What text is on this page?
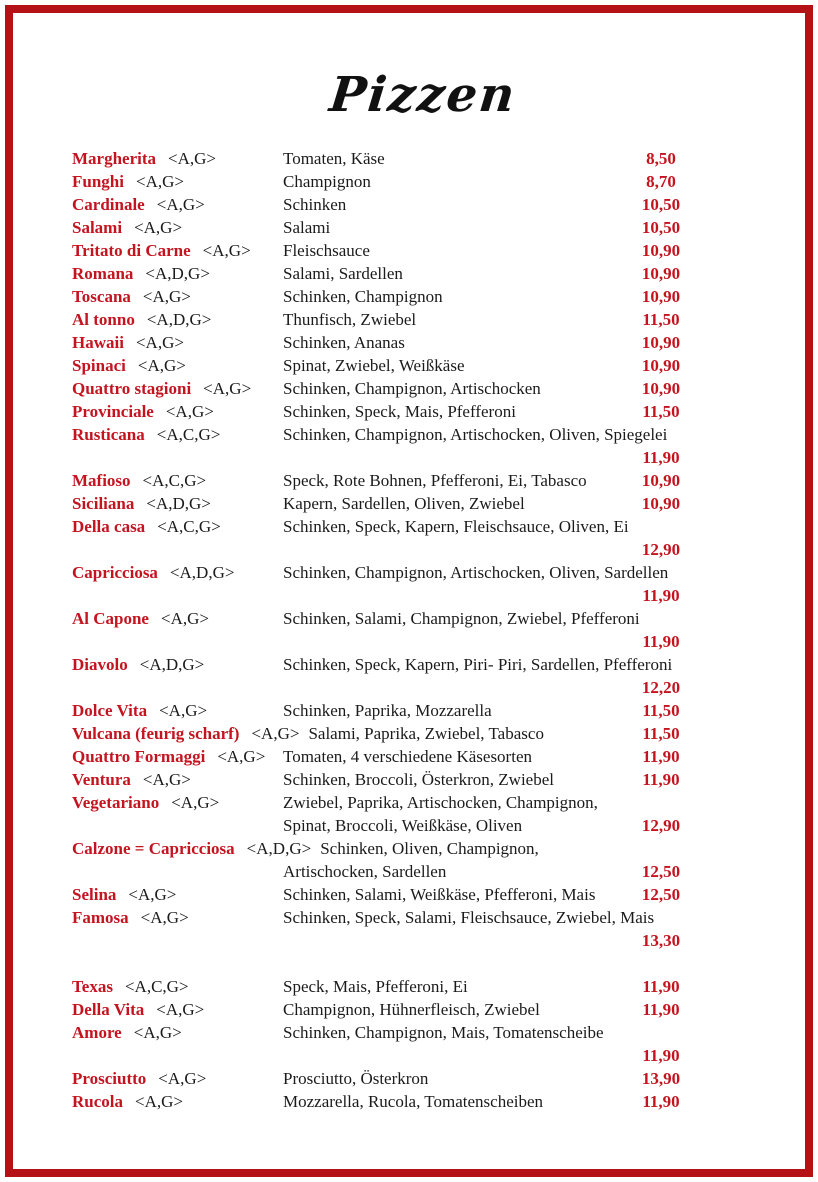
Pizzen
Margherita <A,G>	Tomaten, Käse	8,50
Funghi <A,G>	Champignon	8,70
Cardinale <A,G>	Schinken	10,50
Salami <A,G>	Salami	10,50
Tritato di Carne <A,G>	Fleischsauce	10,90
Romana <A,D,G>	Salami, Sardellen	10,90
Toscana <A,G>	Schinken, Champignon	10,90
Al tonno <A,D,G>	Thunfisch, Zwiebel	11,50
Hawaii <A,G>	Schinken, Ananas	10,90
Spinaci <A,G>	Spinat, Zwiebel, Weißkäse	10,90
Quattro stagioni <A,G>	Schinken, Champignon, Artischocken	10,90
Provinciale <A,G>	Schinken, Speck, Mais, Pfefferoni	11,50
Rusticana <A,C,G>	Schinken, Champignon, Artischocken, Oliven, Spiegelei
11,90
Mafioso <A,C,G>	Speck, Rote Bohnen, Pfefferoni, Ei, Tabasco	10,90
Siciliana <A,D,G>	Kapern, Sardellen, Oliven, Zwiebel	10,90
Della casa <A,C,G>	Schinken, Speck, Kapern, Fleischsauce, Oliven, Ei
12,90
Capricciosa <A,D,G>	Schinken, Champignon, Artischocken, Oliven, Sardellen
11,90
Al Capone <A,G>	Schinken, Salami, Champignon, Zwiebel, Pfefferoni
11,90
Diavolo <A,D,G>	Schinken, Speck, Kapern, Piri- Piri, Sardellen, Pfefferoni
12,20
Dolce Vita <A,G>	Schinken, Paprika, Mozzarella	11,50
Vulcana (feurig scharf) <A,G> Salami, Paprika, Zwiebel, Tabasco	11,50
Quattro Formaggi <A,G>	Tomaten, 4 verschiedene Käsesorten	11,90
Ventura <A,G>	Schinken, Broccoli, Österkron, Zwiebel	11,90
Vegetariano <A,G>	Zwiebel, Paprika, Artischocken, Champignon,
Spinat, Broccoli, Weißkäse, Oliven	12,90
Calzone = Capricciosa <A,D,G> Schinken, Oliven, Champignon,
Artischocken, Sardellen	12,50
Selina <A,G>	Schinken, Salami, Weißkäse, Pfefferoni, Mais	12,50
Famosa <A,G>	Schinken, Speck, Salami, Fleischsauce, Zwiebel, Mais
13,30
Texas <A,C,G>	Speck, Mais, Pfefferoni, Ei	11,90
Della Vita <A,G>	Champignon, Hühnerfleisch, Zwiebel	11,90
Amore <A,G>	Schinken, Champignon, Mais, Tomatenscheibe
11,90
Prosciutto <A,G>	Prosciutto, Österkron	13,90
Rucola <A,G>	Mozzarella, Rucola, Tomatenscheiben	11,90
